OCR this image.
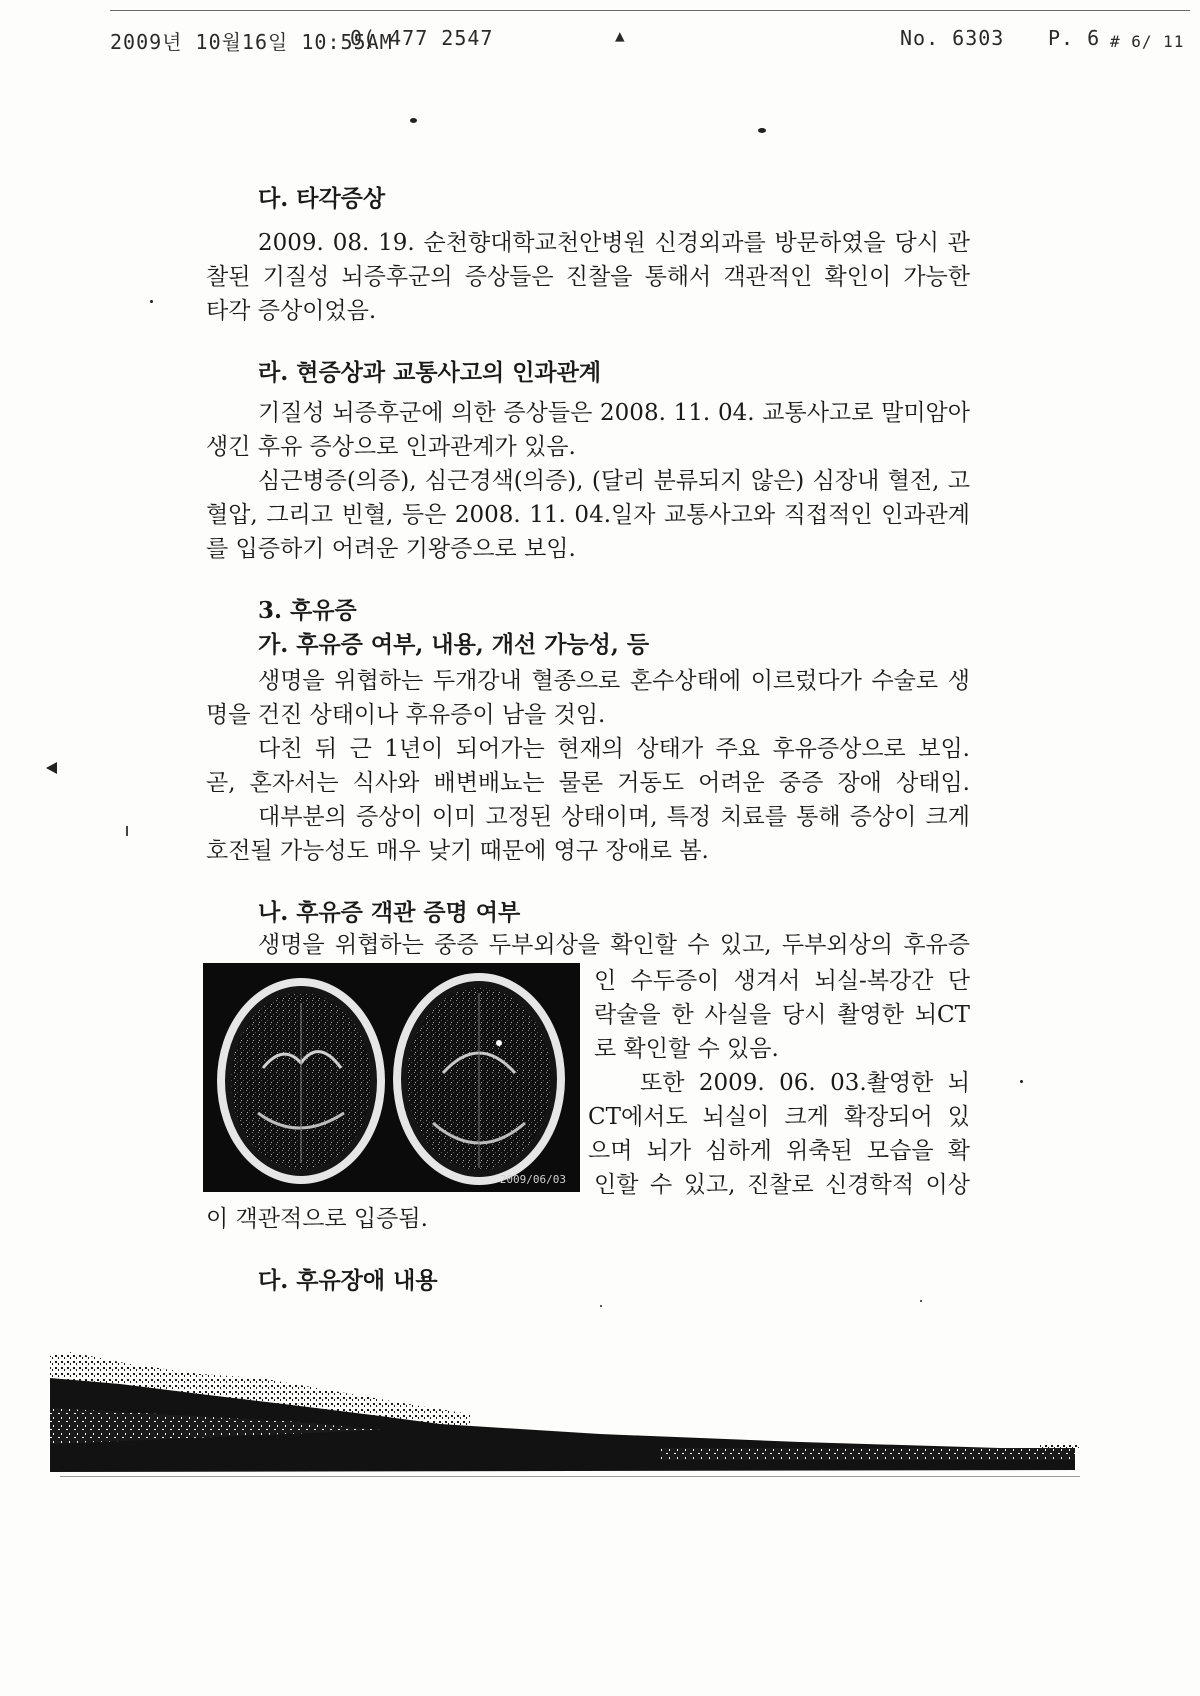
2009년 10월16일 10:55AM
0( 477 2547	▲	No. 6303 P. 6 # 6/ 11
다. 타각증상
2009. 08. 19. 순천향대학교천안병원 신경외과를 방문하였을 당시 관
찰된 기질성 뇌증후군의 증상들은 진찰을 통해서 객관적인 확인이 가능한
타각 증상이었음.
라. 현증상과 교통사고의 인과관계
기질성 뇌증후군에 의한 증상들은 2008. 11. 04. 교통사고로 말미암아
생긴 후유 증상으로 인과관계가 있음.
심근병증(의증), 심근경색(의증), (달리 분류되지 않은) 심장내 혈전, 고
혈압, 그리고 빈혈, 등은 2008. 11. 04.일자 교통사고와 직접적인 인과관계
를 입증하기 어려운 기왕증으로 보임.
3. 후유증
가. 후유증 여부, 내용, 개선 가능성, 등
생명을 위협하는 두개강내 혈종으로 혼수상태에 이르렀다가 수술로 생
명을 건진 상태이나 후유증이 남을 것임.
다친 뒤 근 1년이 되어가는 현재의 상태가 주요 후유증상으로 보임.
곧, 혼자서는 식사와 배변배뇨는 물론 거동도 어려운 중증 장애 상태임.
대부분의 증상이 이미 고정된 상태이며, 특정 치료를 통해 증상이 크게
호전될 가능성도 매우 낮기 때문에 영구 장애로 봄.
나. 후유증 객관 증명 여부
생명을 위협하는 중증 두부외상을 확인할 수 있고, 두부외상의 후유증
2009/06/03
인 수두증이 생겨서 뇌실-복강간 단
락술을 한 사실을 당시 촬영한 뇌CT
로 확인할 수 있음.
또한 2009. 06. 03.촬영한 뇌
CT에서도 뇌실이 크게 확장되어 있
으며 뇌가 심하게 위축된 모습을 확
인할 수 있고, 진찰로 신경학적 이상
이 객관적으로 입증됨.
다. 후유장애 내용
